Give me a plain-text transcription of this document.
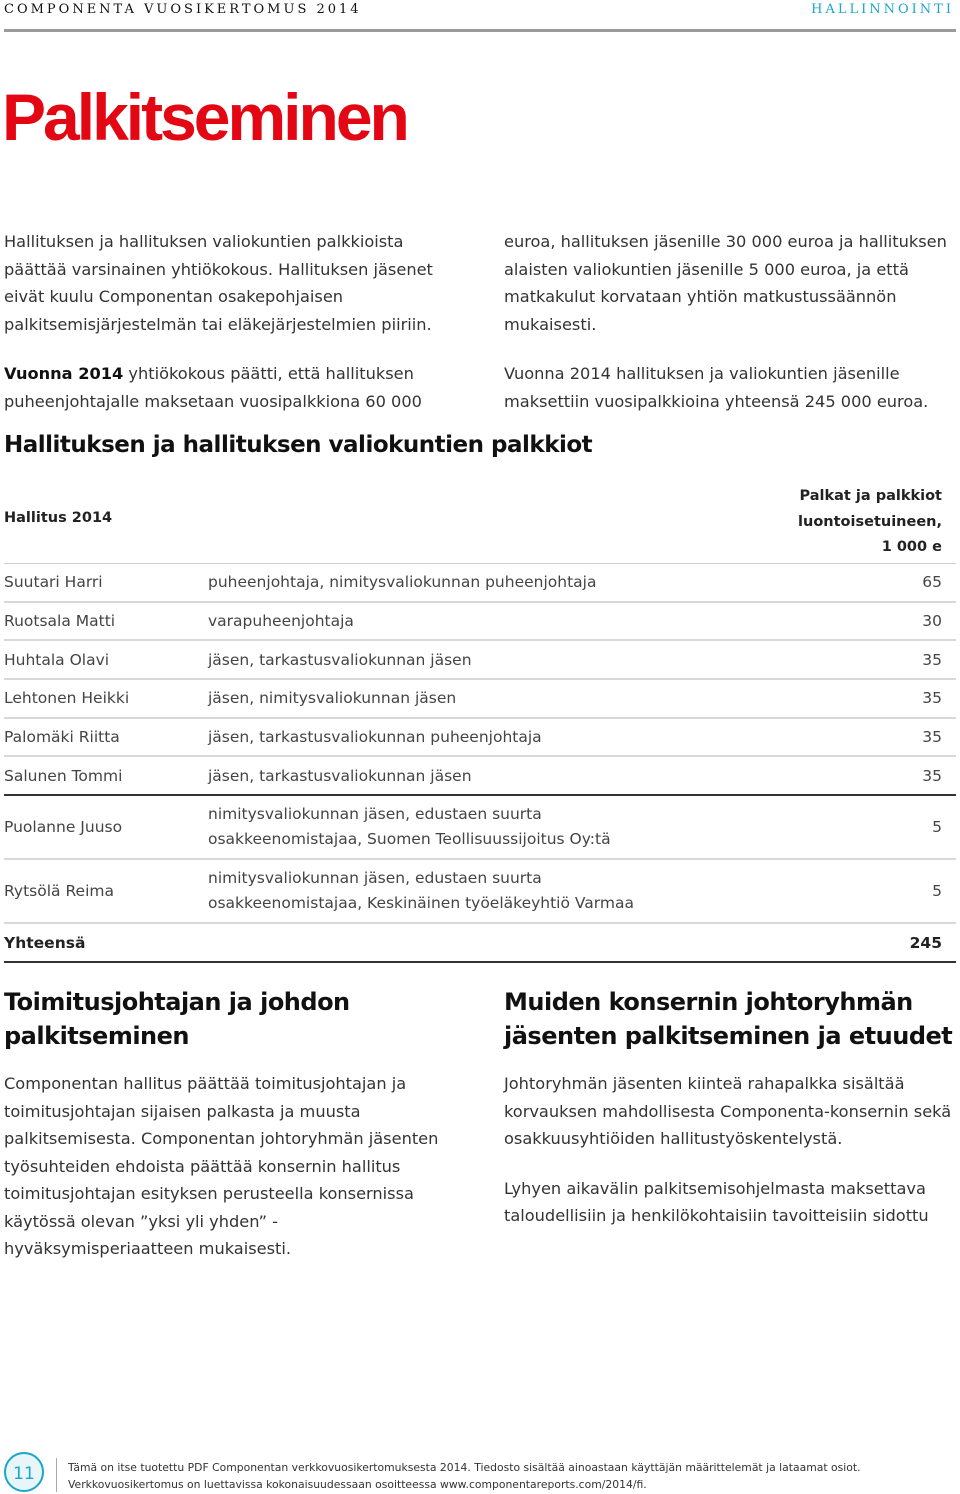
COMPONENTA VUOSIKERTOMUS 2014	HALLINNOINTI
Palkitseminen

Hallituksen ja hallituksen valiokuntien palkkioista päättää varsinainen yhtiökokous. Hallituksen jäsenet eivät kuulu Componentan osakepohjaisen palkitsemisjärjestelmän tai eläkejärjestelmien piiriin.

Vuonna 2014 yhtiökokous päätti, että hallituksen puheenjohtajalle maksetaan vuosipalkkiona 60 000

euroa, hallituksen jäsenille 30 000 euroa ja hallituksen alaisten valiokuntien jäsenille 5 000 euroa, ja että matkakulut korvataan yhtiön matkustussäännön mukaisesti.

Vuonna 2014 hallituksen ja valiokuntien jäsenille maksettiin vuosipalkkioina yhteensä 245 000 euroa.

Hallituksen ja hallituksen valiokuntien palkkiot
Hallitus 2014
Palkat ja palkkiot
luontoisetuineen,
1 000 e
Suutari Harri	puheenjohtaja, nimitysvaliokunnan puheenjohtaja	65
Ruotsala Matti	varapuheenjohtaja	30
Huhtala Olavi	jäsen, tarkastusvaliokunnan jäsen	35
Lehtonen Heikki	jäsen, nimitysvaliokunnan jäsen	35
Palomäki Riitta	jäsen, tarkastusvaliokunnan puheenjohtaja	35
Salunen Tommi	jäsen, tarkastusvaliokunnan jäsen	35
Puolanne Juuso	nimitysvaliokunnan jäsen, edustaen suurta
osakkeenomistajaa, Suomen Teollisuussijoitus Oy:tä	5
Rytsölä Reima	nimitysvaliokunnan jäsen, edustaen suurta
osakkeenomistajaa, Keskinäinen työeläkeyhtiö Varmaa	5
Yhteensä	245
Toimitusjohtajan ja johdon
palkitseminen

Componentan hallitus päättää toimitusjohtajan ja toimitusjohtajan sijaisen palkasta ja muusta palkitsemisesta. Componentan johtoryhmän jäsenten työsuhteiden ehdoista päättää konsernin hallitus toimitusjohtajan esityksen perusteella konsernissa käytössä olevan ”yksi yli yhden” -hyväksymisperiaatteen mukaisesti.

Muiden konsernin johtoryhmän
jäsenten palkitseminen ja etuudet

Johtoryhmän jäsenten kiinteä rahapalkka sisältää korvauksen mahdollisesta Componenta-konsernin sekä osakkuusyhtiöiden hallitustyöskentelystä.

Lyhyen aikavälin palkitsemisohjelmasta maksettava taloudellisiin ja henkilökohtaisiin tavoitteisiin sidottu

11	Tämä on itse tuotettu PDF Componentan verkkovuosikertomuksesta 2014. Tiedosto sisältää ainoastaan käyttäjän määrittelemät ja lataamat osiot.
Verkkovuosikertomus on luettavissa kokonaisuudessaan osoitteessa www.componentareports.com/2014/fi.
